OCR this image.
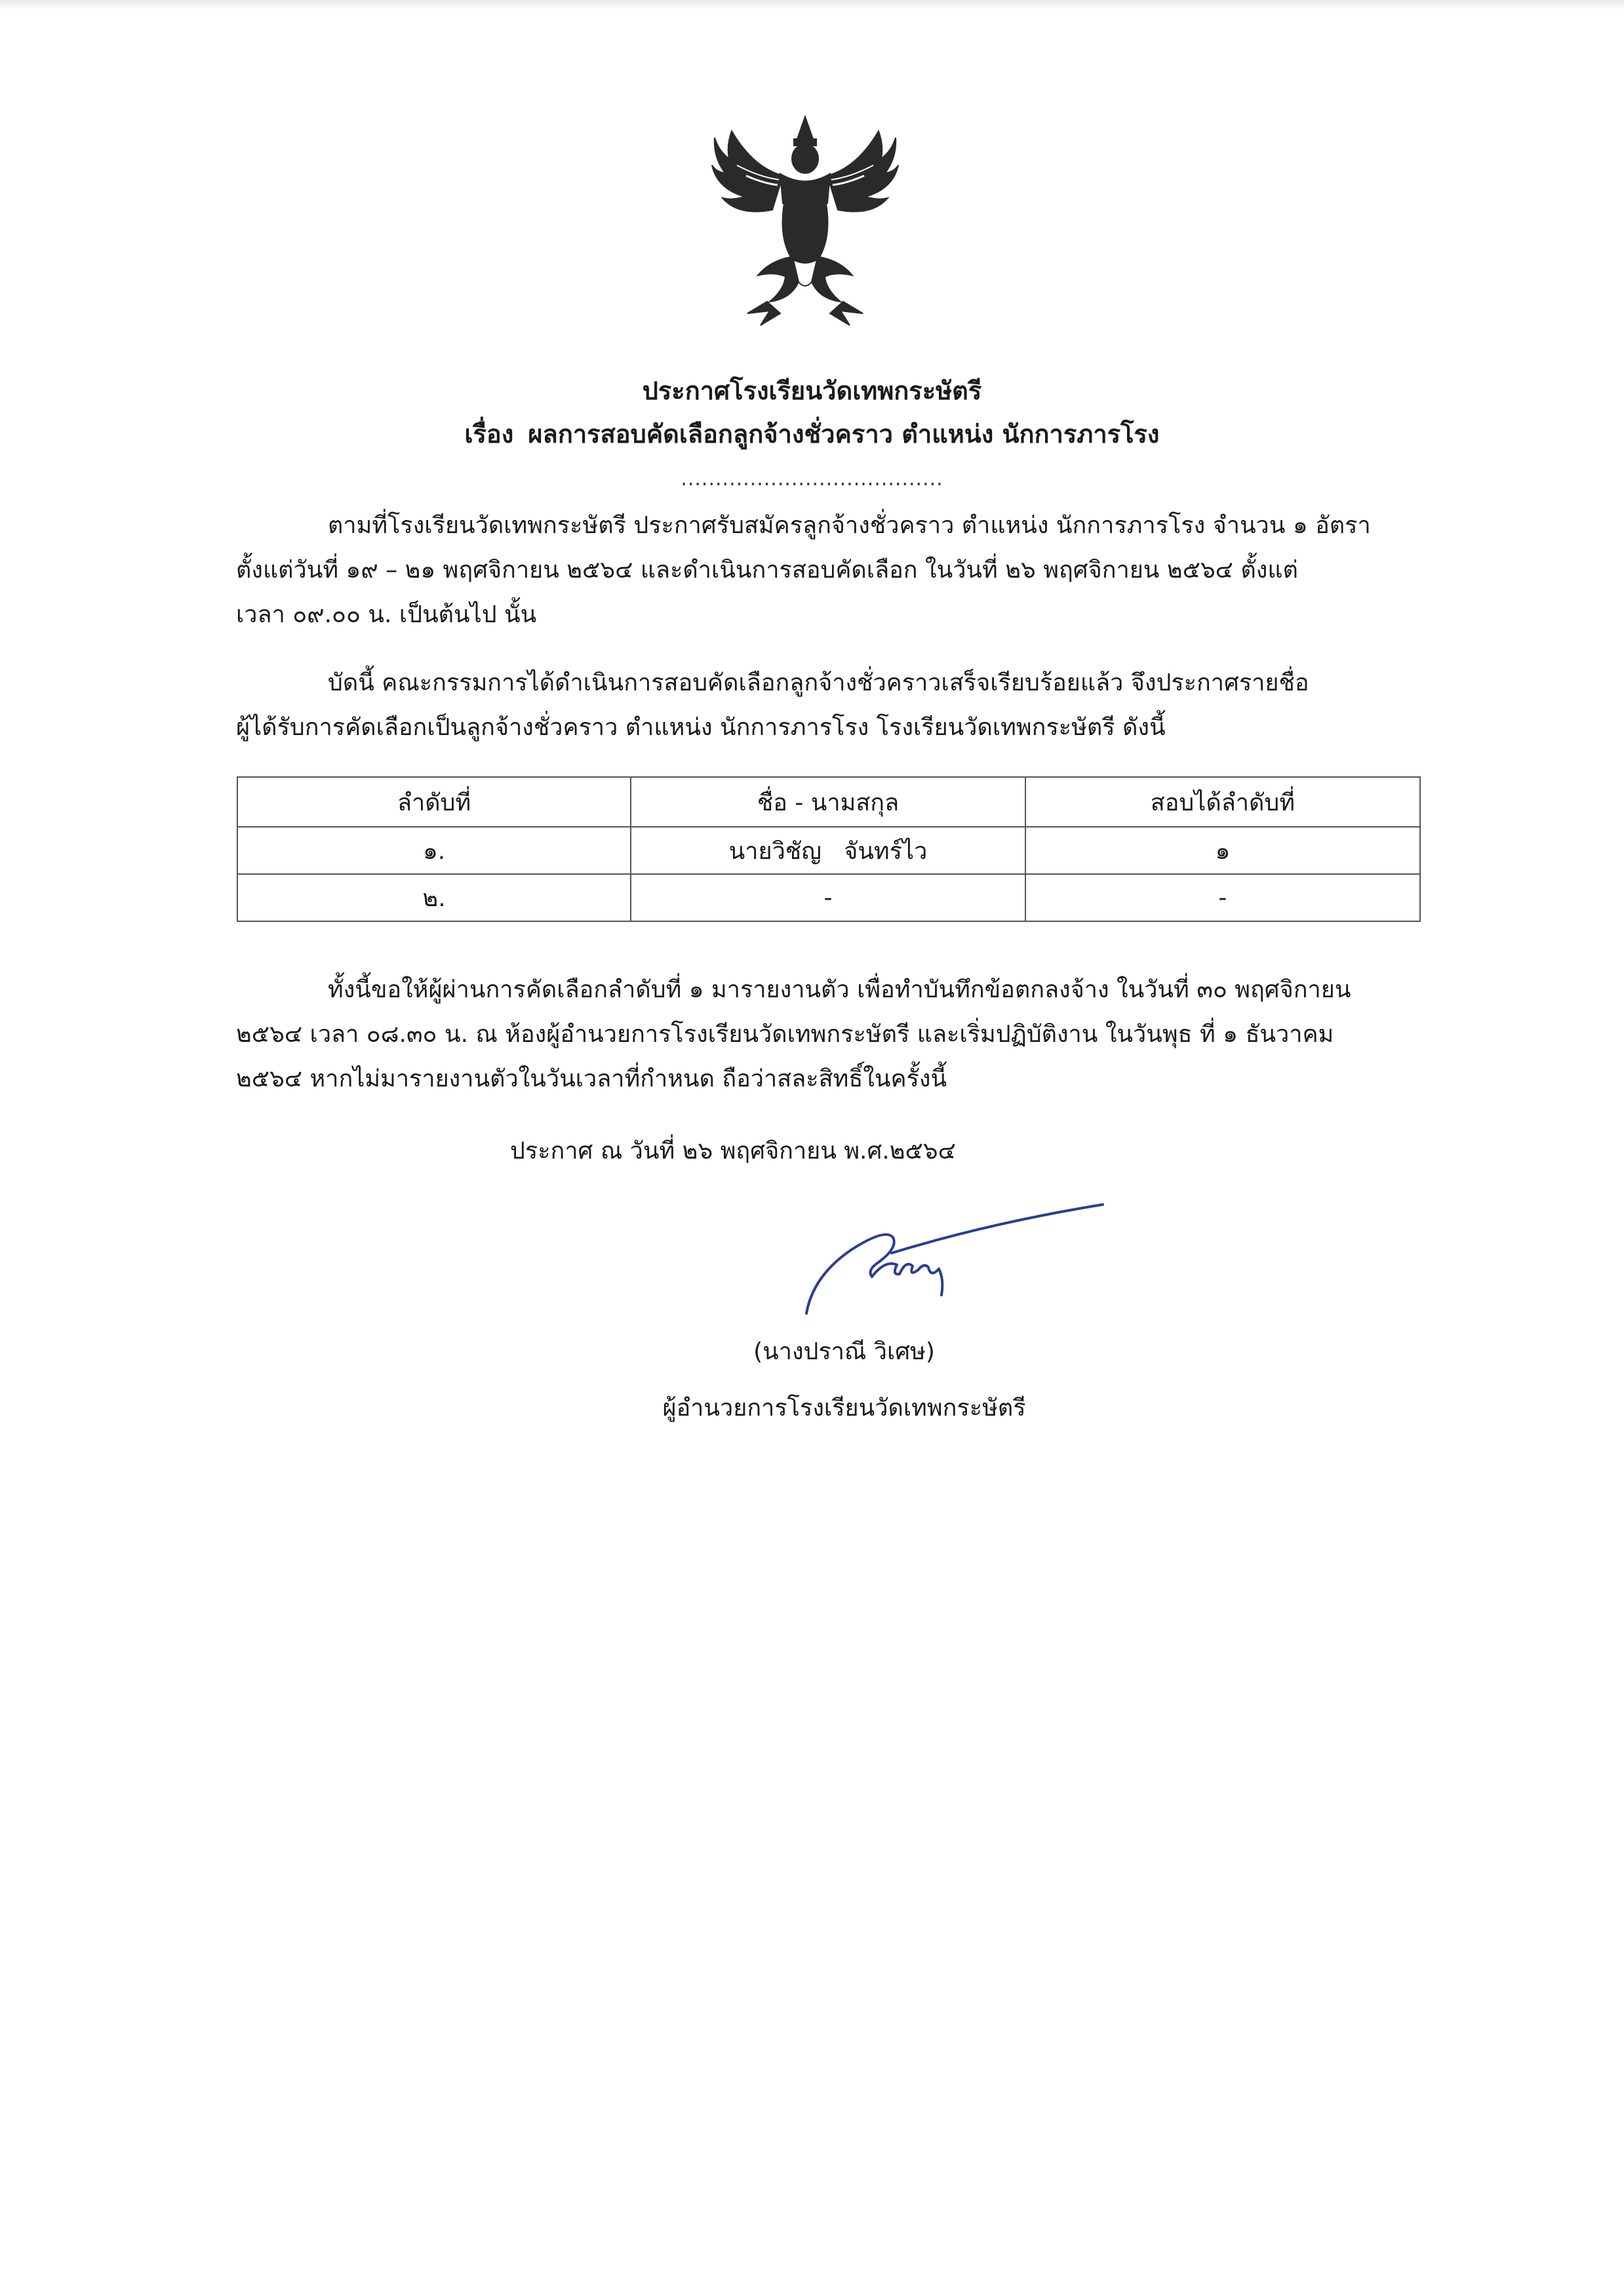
ประกาศโรงเรียนวัดเทพกระษัตรี
เรื่อง ผลการสอบคัดเลือกลูกจ้างชั่วคราว ตำแหน่ง นักการภารโรง
......................................

ตามที่โรงเรียนวัดเทพกระษัตรี ประกาศรับสมัครลูกจ้างชั่วคราว ตำแหน่ง นักการภารโรง จำนวน ๑ อัตรา
ตั้งแต่วันที่ ๑๙ – ๒๑ พฤศจิกายน ๒๕๖๔ และดำเนินการสอบคัดเลือก ในวันที่ ๒๖ พฤศจิกายน ๒๕๖๔ ตั้งแต่
เวลา ๐๙.๐๐ น. เป็นต้นไป นั้น

บัดนี้ คณะกรรมการได้ดำเนินการสอบคัดเลือกลูกจ้างชั่วคราวเสร็จเรียบร้อยแล้ว จึงประกาศรายชื่อ
ผู้ได้รับการคัดเลือกเป็นลูกจ้างชั่วคราว ตำแหน่ง นักการภารโรง โรงเรียนวัดเทพกระษัตรี ดังนี้

ลำดับที่	ชื่อ - นามสกุล	สอบได้ลำดับที่
๑.	นายวิชัญ   จันทร์ไว	๑
๒.	-	-

ทั้งนี้ขอให้ผู้ผ่านการคัดเลือกลำดับที่ ๑ มารายงานตัว เพื่อทำบันทึกข้อตกลงจ้าง ในวันที่ ๓๐ พฤศจิกายน
๒๕๖๔ เวลา ๐๘.๓๐ น. ณ ห้องผู้อำนวยการโรงเรียนวัดเทพกระษัตรี และเริ่มปฏิบัติงาน ในวันพุธ ที่ ๑ ธันวาคม
๒๕๖๔ หากไม่มารายงานตัวในวันเวลาที่กำหนด ถือว่าสละสิทธิ์ในครั้งนี้

ประกาศ ณ วันที่ ๒๖ พฤศจิกายน พ.ศ.๒๕๖๔

(นางปราณี วิเศษ)

ผู้อำนวยการโรงเรียนวัดเทพกระษัตรี
